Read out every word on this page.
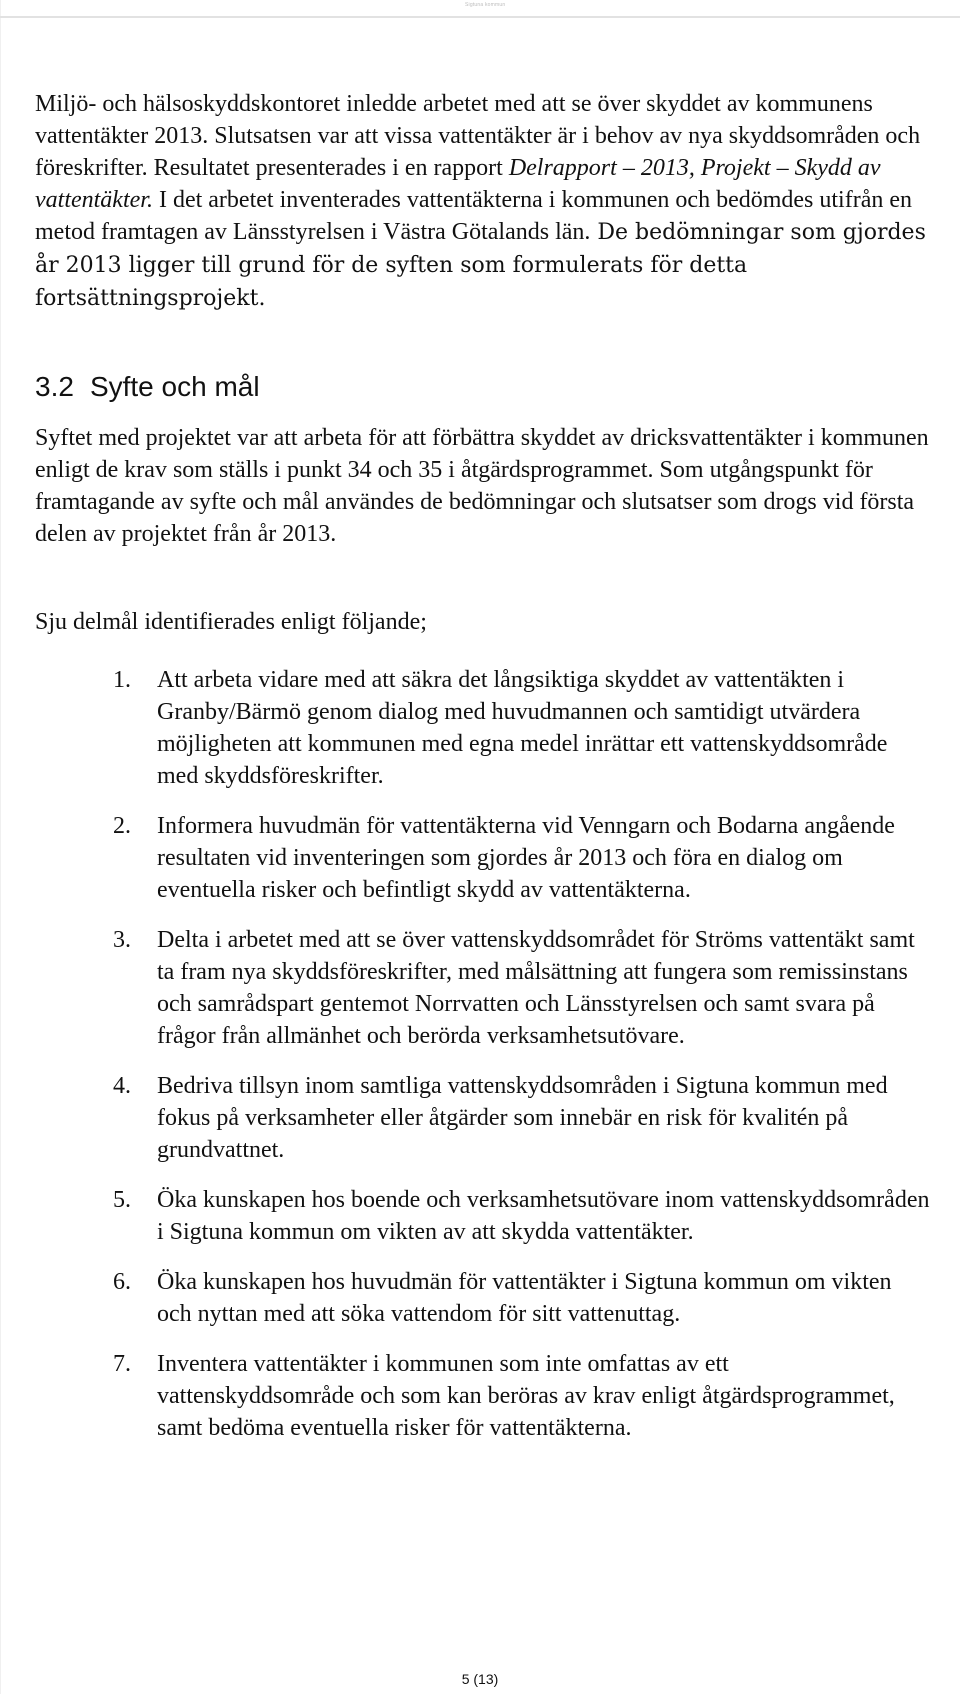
Sigtuna kommun

Miljö- och hälsoskyddskontoret inledde arbetet med att se över skyddet av kommunens vattentäkter 2013. Slutsatsen var att vissa vattentäkter är i behov av nya skyddsområden och föreskrifter. Resultatet presenterades i en rapport Delrapport – 2013, Projekt – Skydd av vattentäkter. I det arbetet inventerades vattentäkterna i kommunen och bedömdes utifrån en metod framtagen av Länsstyrelsen i Västra Götalands län. De bedömningar som gjordes år 2013 ligger till grund för de syften som formulerats för detta fortsättningsprojekt.

3.2 Syfte och mål

Syftet med projektet var att arbeta för att förbättra skyddet av dricksvattentäkter i kommunen enligt de krav som ställs i punkt 34 och 35 i åtgärdsprogrammet. Som utgångspunkt för framtagande av syfte och mål användes de bedömningar och slutsatser som drogs vid första delen av projektet från år 2013.

Sju delmål identifierades enligt följande;

1.	Att arbeta vidare med att säkra det långsiktiga skyddet av vattentäkten i Granby/Bärmö genom dialog med huvudmannen och samtidigt utvärdera möjligheten att kommunen med egna medel inrättar ett vattenskyddsområde med skyddsföreskrifter.
2.	Informera huvudmän för vattentäkterna vid Venngarn och Bodarna angående resultaten vid inventeringen som gjordes år 2013 och föra en dialog om eventuella risker och befintligt skydd av vattentäkterna.
3.	Delta i arbetet med att se över vattenskyddsområdet för Ströms vattentäkt samt ta fram nya skyddsföreskrifter, med målsättning att fungera som remissinstans och samrådspart gentemot Norrvatten och Länsstyrelsen och samt svara på frågor från allmänhet och berörda verksamhetsutövare.
4.	Bedriva tillsyn inom samtliga vattenskyddsområden i Sigtuna kommun med fokus på verksamheter eller åtgärder som innebär en risk för kvalitén på grundvattnet.
5.	Öka kunskapen hos boende och verksamhetsutövare inom vattenskyddsområden i Sigtuna kommun om vikten av att skydda vattentäkter.
6.	Öka kunskapen hos huvudmän för vattentäkter i Sigtuna kommun om vikten och nyttan med att söka vattendom för sitt vattenuttag.
7.	Inventera vattentäkter i kommunen som inte omfattas av ett vattenskyddsområde och som kan beröras av krav enligt åtgärdsprogrammet, samt bedöma eventuella risker för vattentäkterna.
5 (13)
